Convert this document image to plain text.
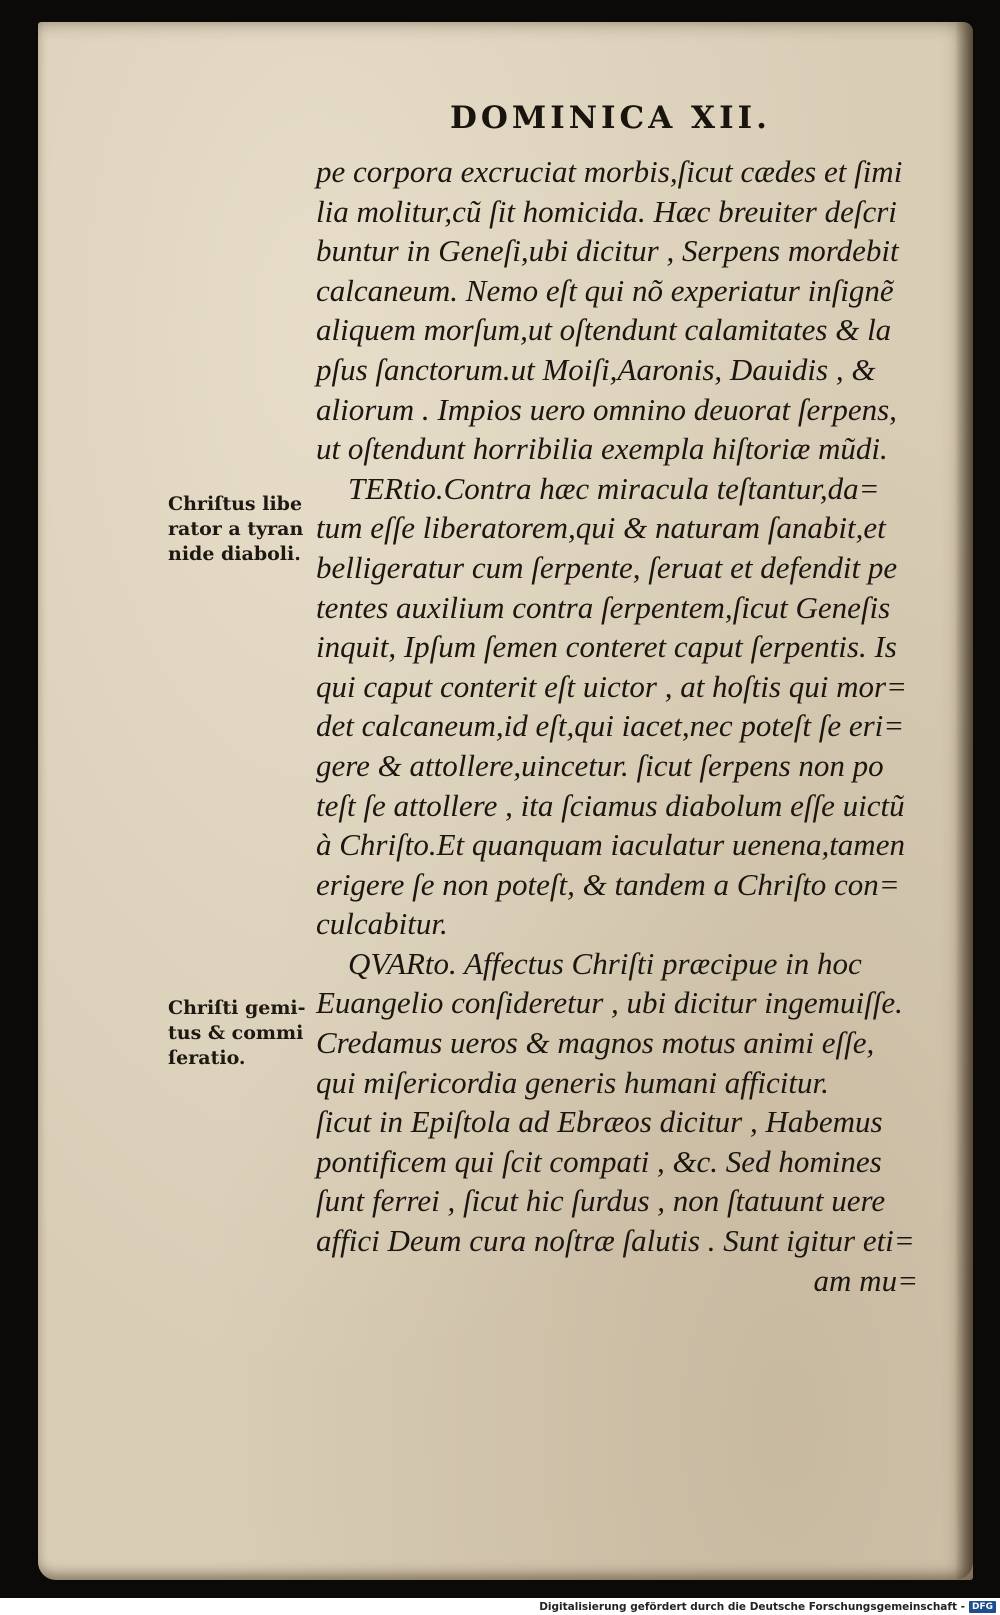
DOMINICA XII.
pe corpora excruciat morbis,ſicut cædes et ſimi
lia molitur,cũ ſit homicida. Hæc breuiter deſcri
buntur in Geneſi,ubi dicitur , Serpens mordebit
calcaneum. Nemo eſt qui nõ experiatur inſignẽ
aliquem morſum,ut oſtendunt calamitates & la
pſus ſanctorum.ut Moiſi,Aaronis, Dauidis , &
aliorum . Impios uero omnino deuorat ſerpens,
ut oſtendunt horribilia exempla hiſtoriæ mũdi.
TERtio.Contra hæc miracula teſtantur,da=
tum eſſe liberatorem,qui & naturam ſanabit,et
belligeratur cum ſerpente, ſeruat et defendit pe
tentes auxilium contra ſerpentem,ſicut Geneſis
inquit, Ipſum ſemen conteret caput ſerpentis. Is
qui caput conterit eſt uictor , at hoſtis qui mor=
det calcaneum,id eſt,qui iacet,nec poteſt ſe eri=
gere & attollere,uincetur. ſicut ſerpens non po
teſt ſe attollere , ita ſciamus diabolum eſſe uictũ
à Chriſto.Et quanquam iaculatur uenena,tamen
erigere ſe non poteſt, & tandem a Chriſto con=
culcabitur.
QVARto. Affectus Chriſti præcipue in hoc
Euangelio conſideretur , ubi dicitur ingemuiſſe.
Credamus ueros & magnos motus animi eſſe,
qui miſericordia generis humani afficitur.
ſicut in Epiſtola ad Ebræos dicitur , Habemus
pontificem qui ſcit compati , &c. Sed homines
ſunt ferrei , ſicut hic ſurdus , non ſtatuunt uere
affici Deum cura noſtræ ſalutis . Sunt igitur eti=
am mu=
Chriſtus libe
rator a tyran
nide diaboli.
Chriſti gemi-
tus & commi
ſeratio.
Digitalisierung gefördert durch die Deutsche Forschungsgemeinschaft - DFG
